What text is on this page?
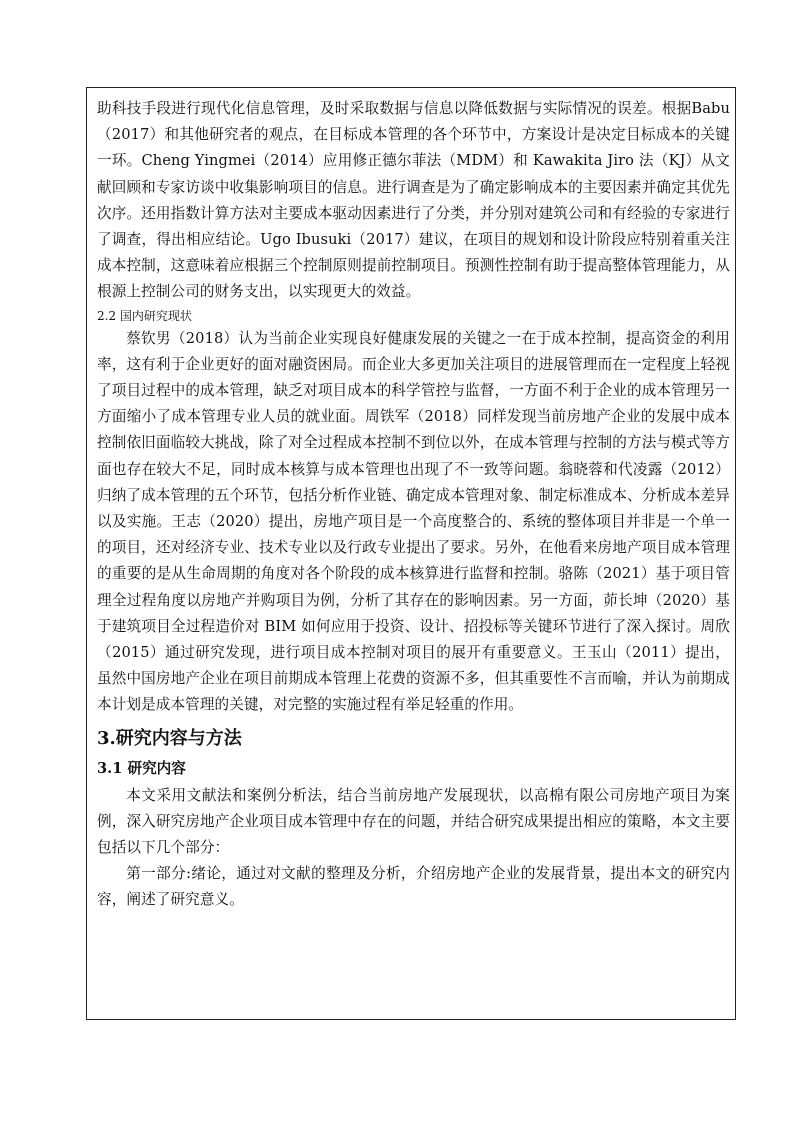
助科技手段进行现代化信息管理，及时采取数据与信息以降低数据与实际情况的误差。根据Babu（2017）和其他研究者的观点，在目标成本管理的各个环节中，方案设计是决定目标成本的关键一环。Cheng Yingmei（2014）应用修正德尔菲法（MDM）和 Kawakita Jiro 法（KJ）从文献回顾和专家访谈中收集影响项目的信息。进行调查是为了确定影响成本的主要因素并确定其优先次序。还用指数计算方法对主要成本驱动因素进行了分类，并分别对建筑公司和有经验的专家进行了调查，得出相应结论。Ugo Ibusuki（2017）建议，在项目的规划和设计阶段应特别着重关注成本控制，这意味着应根据三个控制原则提前控制项目。预测性控制有助于提高整体管理能力，从根源上控制公司的财务支出，以实现更大的效益。

2.2 国内研究现状

蔡钦男（2018）认为当前企业实现良好健康发展的关键之一在于成本控制，提高资金的利用率，这有利于企业更好的面对融资困局。而企业大多更加关注项目的进展管理而在一定程度上轻视了项目过程中的成本管理，缺乏对项目成本的科学管控与监督，一方面不利于企业的成本管理另一方面缩小了成本管理专业人员的就业面。周铁军（2018）同样发现当前房地产企业的发展中成本控制依旧面临较大挑战，除了对全过程成本控制不到位以外，在成本管理与控制的方法与模式等方面也存在较大不足，同时成本核算与成本管理也出现了不一致等问题。翁晓蓉和代凌露（2012）归纳了成本管理的五个环节，包括分析作业链、确定成本管理对象、制定标准成本、分析成本差异以及实施。王志（2020）提出，房地产项目是一个高度整合的、系统的整体项目并非是一个单一的项目，还对经济专业、技术专业以及行政专业提出了要求。另外，在他看来房地产项目成本管理的重要的是从生命周期的角度对各个阶段的成本核算进行监督和控制。骆陈（2021）基于项目管理全过程角度以房地产并购项目为例，分析了其存在的影响因素。另一方面，茆长坤（2020）基于建筑项目全过程造价对 BIM 如何应用于投资、设计、招投标等关键环节进行了深入探讨。周欣（2015）通过研究发现，进行项目成本控制对项目的展开有重要意义。王玉山（2011）提出，虽然中国房地产企业在项目前期成本管理上花费的资源不多，但其重要性不言而喻，并认为前期成本计划是成本管理的关键，对完整的实施过程有举足轻重的作用。

3.研究内容与方法

3.1 研究内容

本文采用文献法和案例分析法，结合当前房地产发展现状，以高棉有限公司房地产项目为案例，深入研究房地产企业项目成本管理中存在的问题，并结合研究成果提出相应的策略，本文主要包括以下几个部分：

第一部分:绪论，通过对文献的整理及分析，介绍房地产企业的发展背景，提出本文的研究内容，阐述了研究意义。
